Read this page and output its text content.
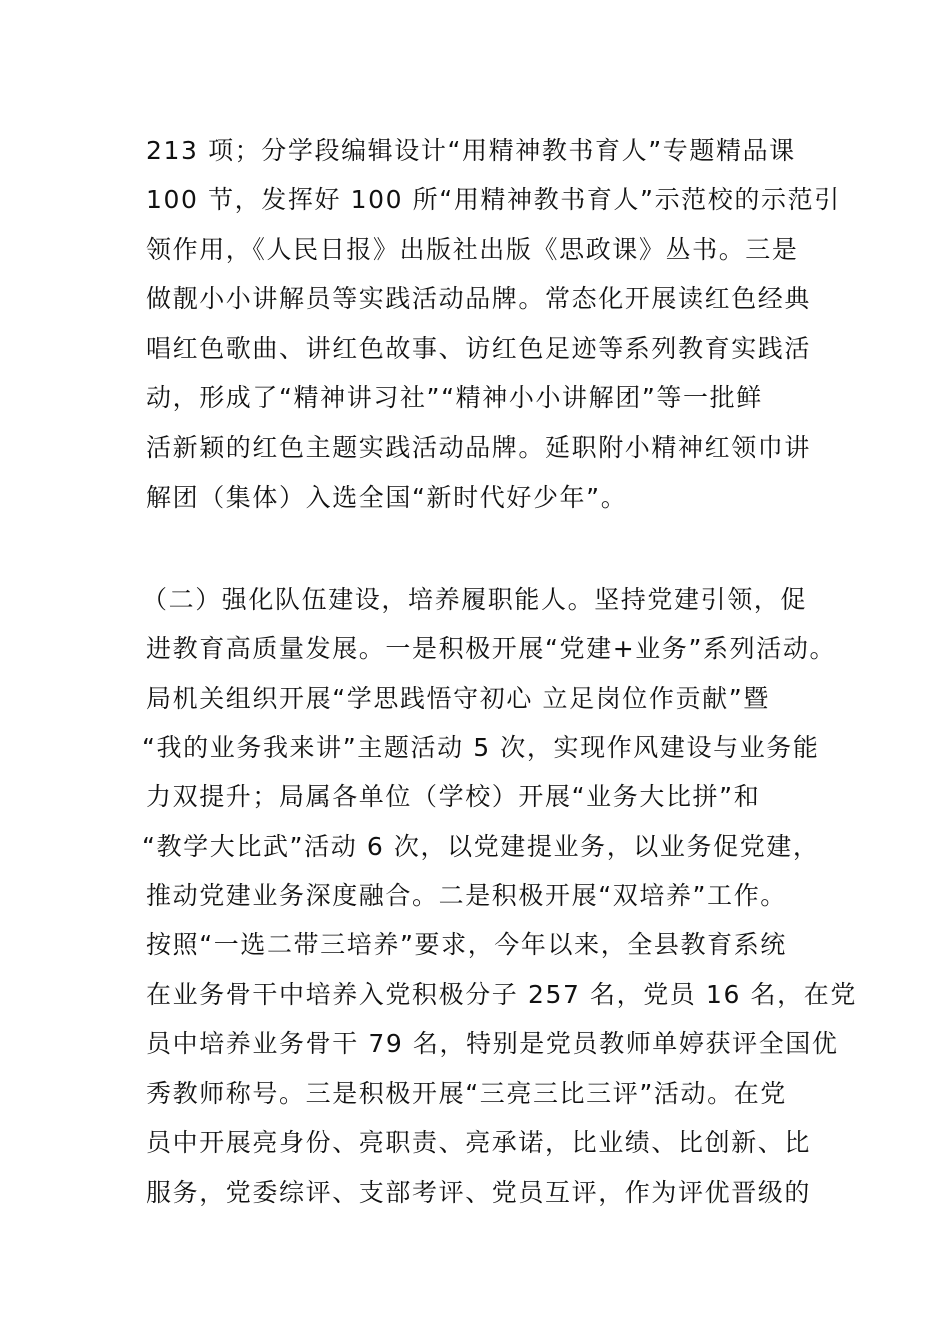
213 项；分学段编辑设计“用精神教书育人”专题精品课
100 节，发挥好 100 所“用精神教书育人”示范校的示范引
领作用，《人民日报》出版社出版《思政课》丛书。三是
做靓小小讲解员等实践活动品牌。常态化开展读红色经典
唱红色歌曲、讲红色故事、访红色足迹等系列教育实践活
动，形成了“精神讲习社”“精神小小讲解团”等一批鲜
活新颖的红色主题实践活动品牌。延职附小精神红领巾讲
解团（集体）入选全国“新时代好少年”。
（二）强化队伍建设，培养履职能人。坚持党建引领，促
进教育高质量发展。一是积极开展“党建+业务”系列活动。
局机关组织开展“学思践悟守初心 立足岗位作贡献”暨
“我的业务我来讲”主题活动 5 次，实现作风建设与业务能
力双提升；局属各单位（学校）开展“业务大比拼”和
“教学大比武”活动 6 次，以党建提业务，以业务促党建，
推动党建业务深度融合。二是积极开展“双培养”工作。
按照“一选二带三培养”要求，今年以来，全县教育系统
在业务骨干中培养入党积极分子 257 名，党员 16 名，在党
员中培养业务骨干 79 名，特别是党员教师单婷获评全国优
秀教师称号。三是积极开展“三亮三比三评”活动。在党
员中开展亮身份、亮职责、亮承诺，比业绩、比创新、比
服务，党委综评、支部考评、党员互评，作为评优晋级的
